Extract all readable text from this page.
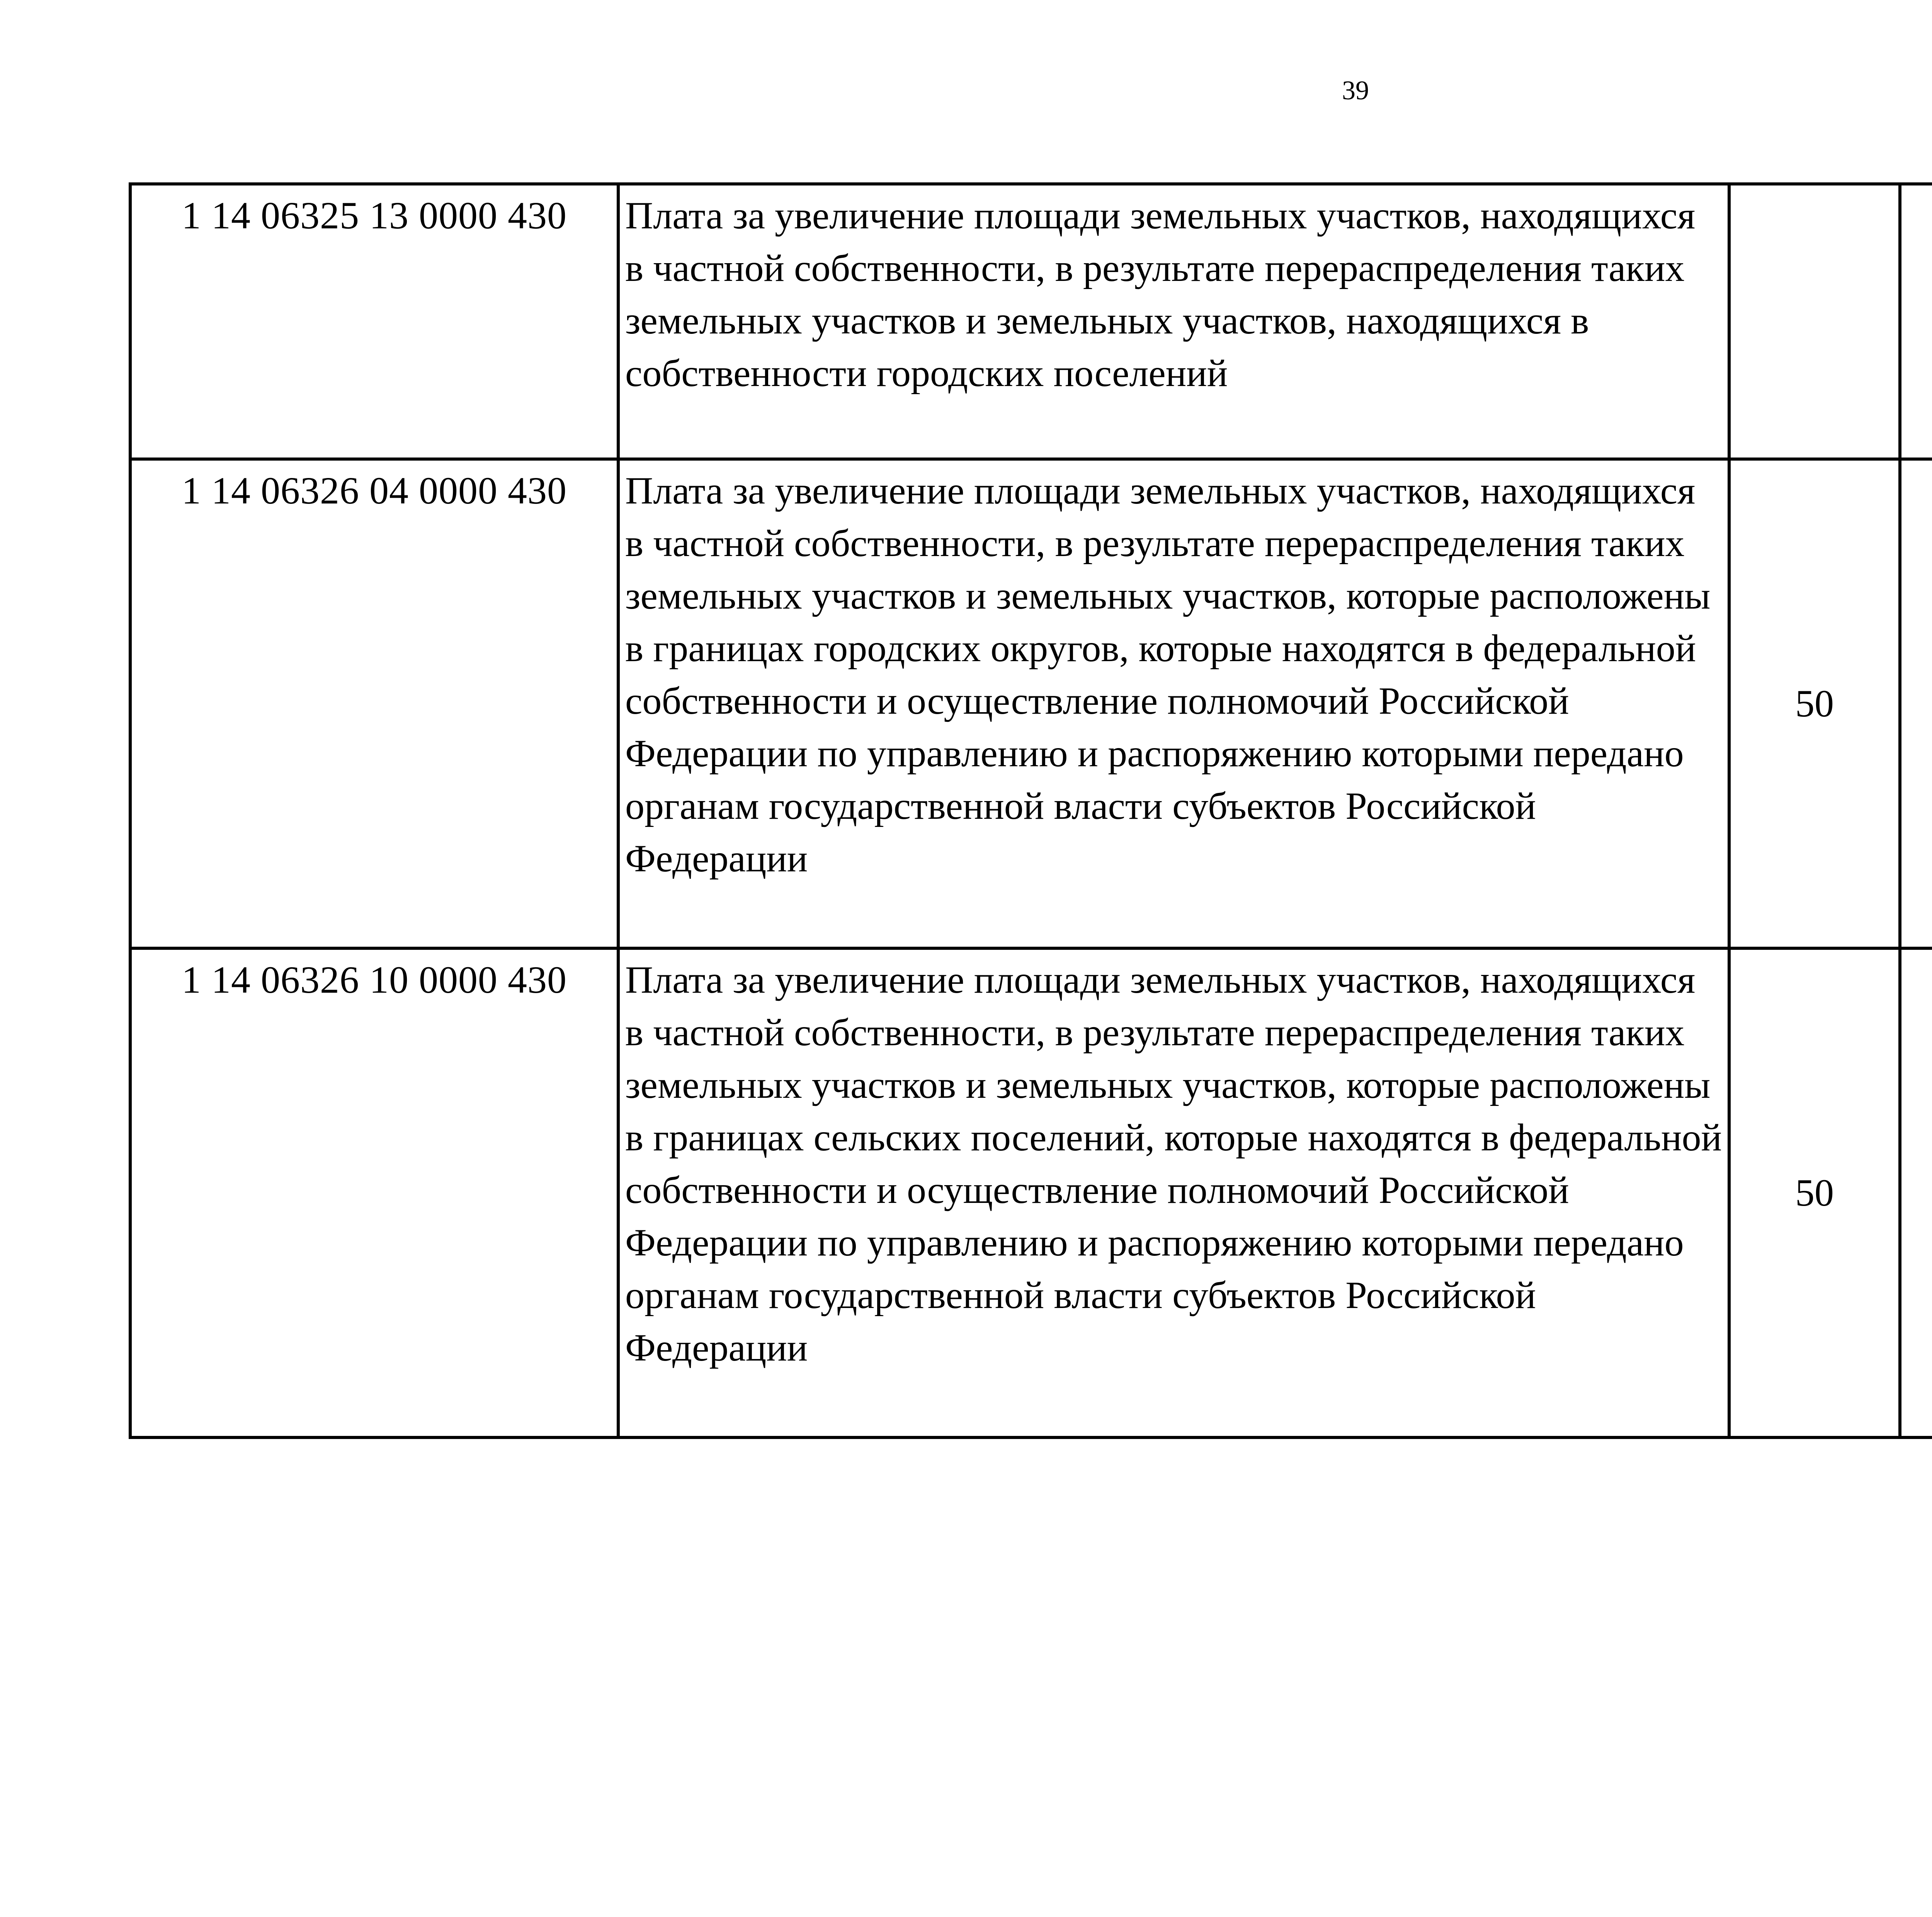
39
1 14 06325 13 0000 430	Плата за увеличение площади земельных участков, находящихся в частной собственности, в результате перераспределения таких земельных участков и земельных участков, находящихся в собственности городских поселений					
1 14 06326 04 0000 430	Плата за увеличение площади земельных участков, находящихся в частной собственности, в результате перераспределения таких земельных участков и земельных участков, которые расположены в границах городских округов, которые находятся в федеральной собственности и осуществление полномочий Российской Федерации по управлению и распоряжению которыми передано органам государственной власти субъектов Российской Федерации	50				
1 14 06326 10 0000 430	Плата за увеличение площади земельных участков, находящихся в частной собственности, в результате перераспределения таких земельных участков и земельных участков, которые расположены в границах сельских поселений, которые находятся в федеральной собственности и осуществление полномочий Российской Федерации по управлению и распоряжению которыми передано органам государственной власти субъектов Российской Федерации	50				
